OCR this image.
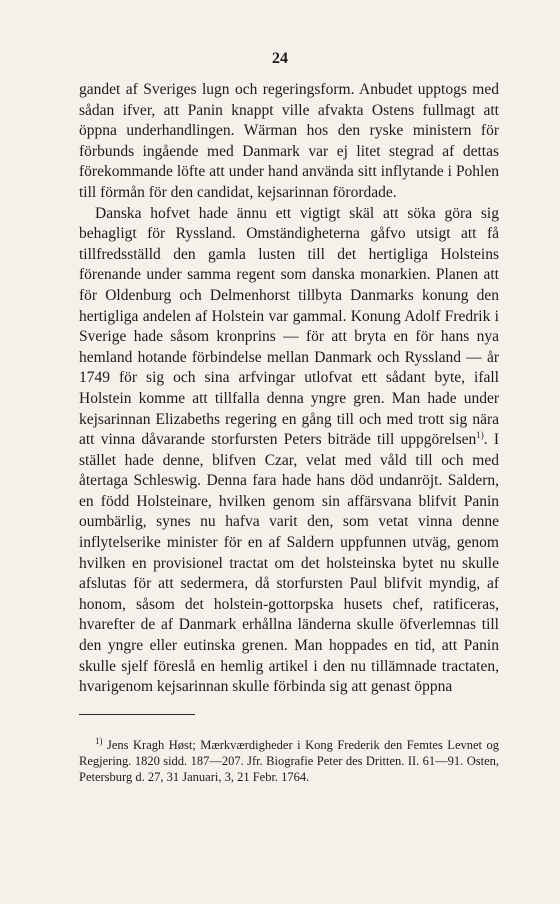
24

gandet af Sveriges lugn och regeringsform. Anbudet upptogs med sådan ifver, att Panin knappt ville afvakta Ostens fullmagt att öppna underhandlingen. Wärman hos den ryske ministern för förbunds ingående med Danmark var ej litet stegrad af dettas förekommande löfte att under hand använda sitt inflytande i Pohlen till förmån för den candidat, kejsarinnan förordade.

Danska hofvet hade ännu ett vigtigt skäl att söka göra sig behagligt för Ryssland. Omständigheterna gåfvo utsigt att få tillfredsställd den gamla lusten till det hertigliga Holsteins förenande under samma regent som danska monarkien. Planen att för Oldenburg och Delmenhorst tillbyta Danmarks konung den hertigliga andelen af Holstein var gammal. Konung Adolf Fredrik i Sverige hade såsom kronprins — för att bryta en för hans nya hemland hotande förbindelse mellan Danmark och Ryssland — år 1749 för sig och sina arfvingar utlofvat ett sådant byte, ifall Holstein komme att tillfalla denna yngre gren. Man hade under kejsarinnan Elizabeths regering en gång till och med trott sig nära att vinna dåvarande storfursten Peters biträde till uppgörelsen$^{1)}$. I stället hade denne, blifven Czar, velat med våld till och med återtaga Schleswig. Denna fara hade hans död undanröjt. Saldern, en född Holsteinare, hvilken genom sin affärsvana blifvit Panin oumbärlig, synes nu hafva varit den, som vetat vinna denne inflytelserike minister för en af Saldern uppfunnen utväg, genom hvilken en provisionel tractat om det holsteinska bytet nu skulle afslutas för att sedermera, då storfursten Paul blifvit myndig, af honom, såsom det holstein-gottorpska husets chef, ratificeras, hvarefter de af Danmark erhållna länderna skulle öfverlemnas till den yngre eller eutinska grenen. Man hoppades en tid, att Panin skulle sjelf föreslå en hemlig artikel i den nu tillämnade tractaten, hvarigenom kejsarinnan skulle förbinda sig att genast öppna

$^{1)}$ Jens Kragh Høst; Mærkværdigheder i Kong Frederik den Femtes Levnet og Regjering. 1820 sidd. 187—207. Jfr. Biografie Peter des Dritten. II. 61—91. Osten, Petersburg d. 27, 31 Januari, 3, 21 Febr. 1764.
